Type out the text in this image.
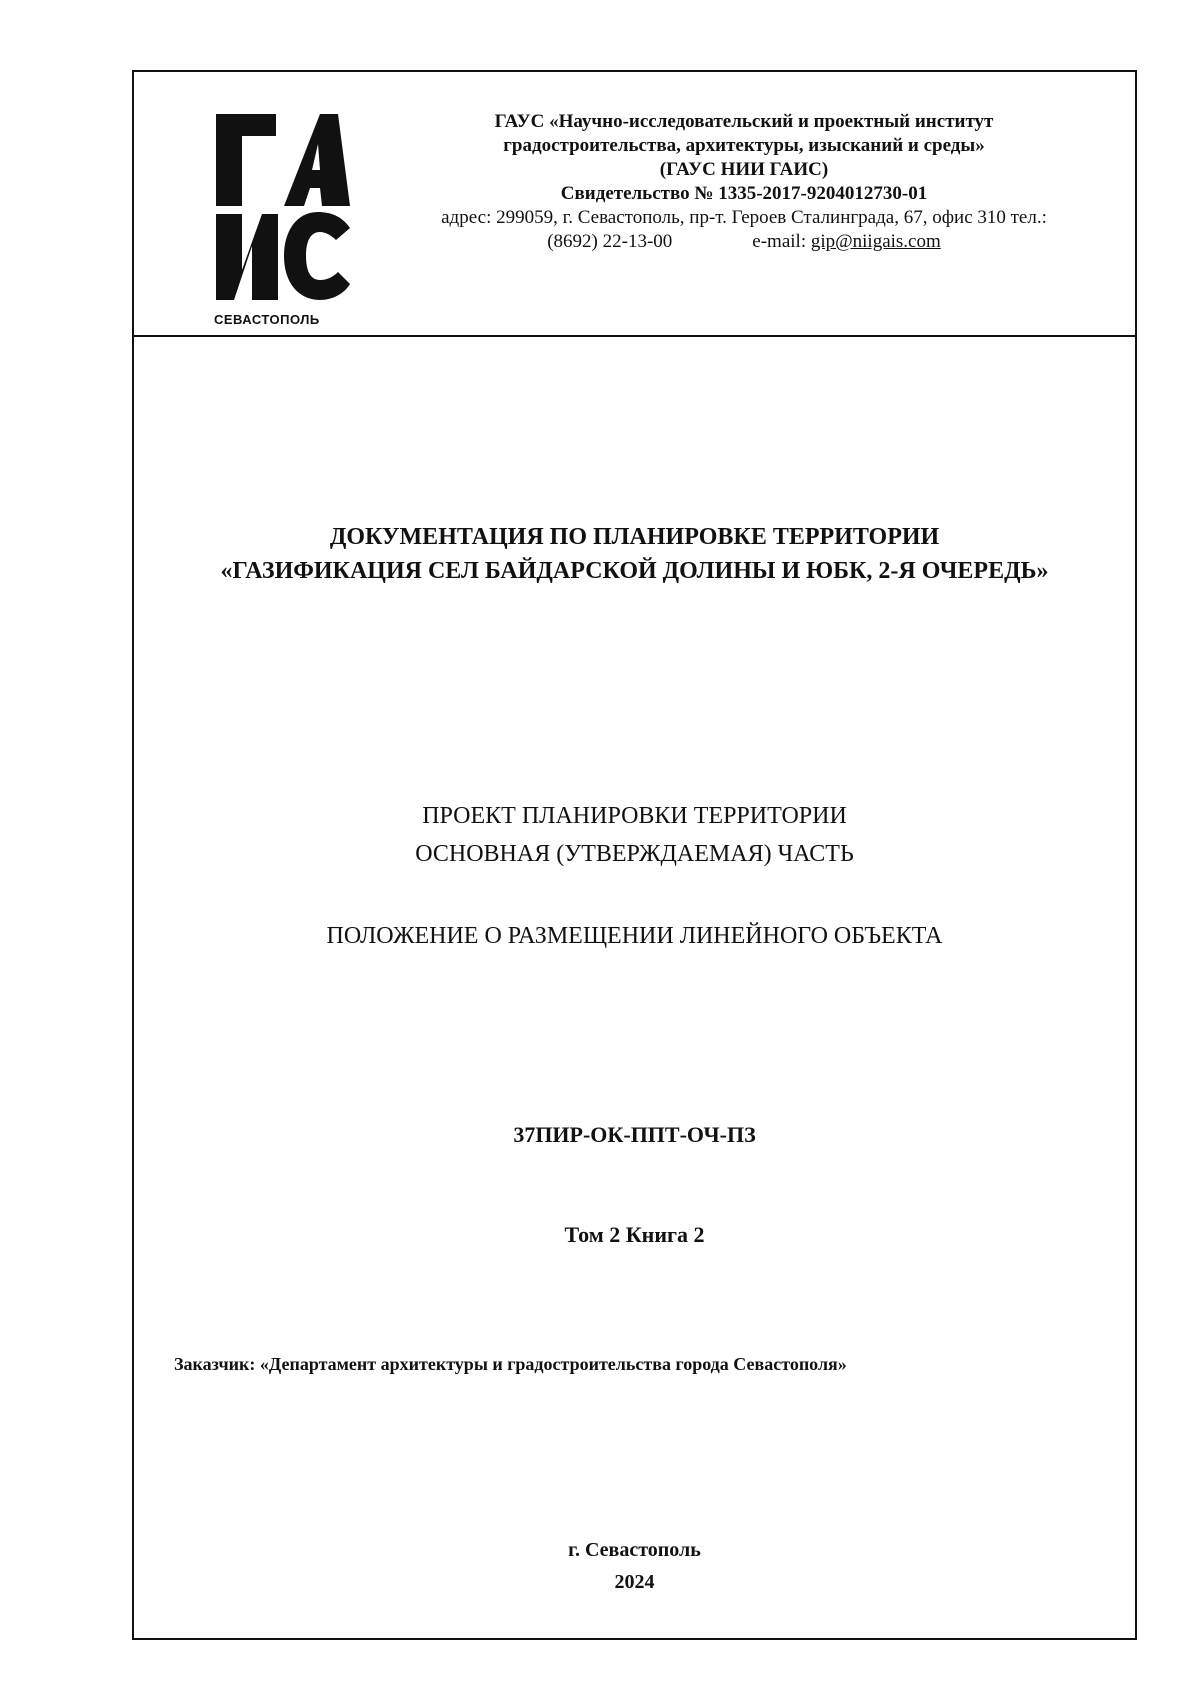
СЕВАСТОПОЛЬ
ГАУС «Научно-исследовательский и проектный институт
градостроительства, архитектуры, изысканий и среды»
(ГАУС НИИ ГАИС)
Свидетельство № 1335-2017-9204012730-01
адрес: 299059, г. Севастополь, пр-т. Героев Сталинграда, 67, офис 310 тел.:
(8692) 22-13-00	e-mail: gip@niigais.com
ДОКУМЕНТАЦИЯ ПО ПЛАНИРОВКЕ ТЕРРИТОРИИ
«ГАЗИФИКАЦИЯ СЕЛ БАЙДАРСКОЙ ДОЛИНЫ И ЮБК, 2-Я ОЧЕРЕДЬ»
ПРОЕКТ ПЛАНИРОВКИ ТЕРРИТОРИИ
ОСНОВНАЯ (УТВЕРЖДАЕМАЯ) ЧАСТЬ
ПОЛОЖЕНИЕ О РАЗМЕЩЕНИИ ЛИНЕЙНОГО ОБЪЕКТА
37ПИР-ОК-ППТ-ОЧ-ПЗ
Том 2 Книга 2
Заказчик: «Департамент архитектуры и градостроительства города Севастополя»
г. Севастополь
2024
